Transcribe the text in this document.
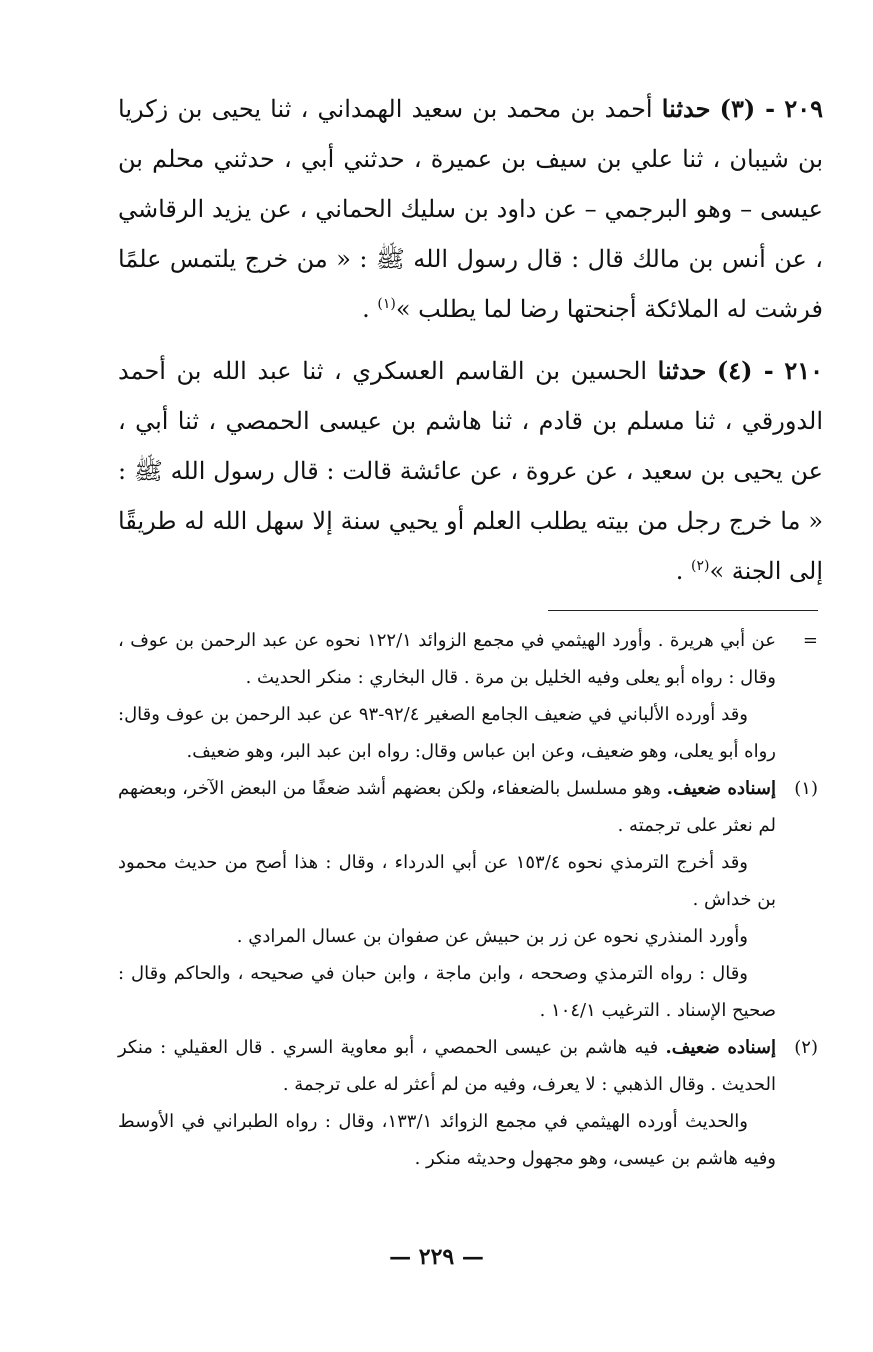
٢٠٩ - (٣) حدثنا أحمد بن محمد بن سعيد الهمداني ، ثنا يحيى بن زكريا بن شيبان ، ثنا علي بن سيف بن عميرة ، حدثني أبي ، حدثني محلم بن عيسى – وهو البرجمي – عن داود بن سليك الحماني ، عن يزيد الرقاشي ، عن أنس بن مالك قال : قال رسول الله ﷺ : « من خرج يلتمس علمًا فرشت له الملائكة أجنحتها رضا لما يطلب »$^{(١)}$ .

٢١٠ - (٤) حدثنا الحسين بن القاسم العسكري ، ثنا عبد الله بن أحمد الدورقي ، ثنا مسلم بن قادم ، ثنا هاشم بن عيسى الحمصي ، ثنا أبي ، عن يحيى بن سعيد ، عن عروة ، عن عائشة قالت : قال رسول الله ﷺ : « ما خرج رجل من بيته يطلب العلم أو يحيي سنة إلا سهل الله له طريقًا إلى الجنة »$^{(٢)}$ .

=

عن أبي هريرة . وأورد الهيثمي في مجمع الزوائد ١٢٢/١ نحوه عن عبد الرحمن بن عوف ، وقال : رواه أبو يعلى وفيه الخليل بن مرة . قال البخاري : منكر الحديث .

وقد أورده الألباني في ضعيف الجامع الصغير ٩٢/٤-٩٣ عن عبد الرحمن بن عوف وقال: رواه أبو يعلى، وهو ضعيف، وعن ابن عباس وقال: رواه ابن عبد البر، وهو ضعيف.

(١)

إسناده ضعيف. وهو مسلسل بالضعفاء، ولكن بعضهم أشد ضعفًا من البعض الآخر، وبعضهم لم نعثر على ترجمته .

وقد أخرج الترمذي نحوه ١٥٣/٤ عن أبي الدرداء ، وقال : هذا أصح من حديث محمود بن خداش .

وأورد المنذري نحوه عن زر بن حبيش عن صفوان بن عسال المرادي .

وقال : رواه الترمذي وصححه ، وابن ماجة ، وابن حبان في صحيحه ، والحاكم وقال : صحيح الإسناد . الترغيب ١٠٤/١ .

(٢)

إسناده ضعيف. فيه هاشم بن عيسى الحمصي ، أبو معاوية السري . قال العقيلي : منكر الحديث . وقال الذهبي : لا يعرف، وفيه من لم أعثر له على ترجمة .

والحديث أورده الهيثمي في مجمع الزوائد ١٣٣/١، وقال : رواه الطبراني في الأوسط وفيه هاشم بن عيسى، وهو مجهول وحديثه منكر .

— ٢٢٩ —
